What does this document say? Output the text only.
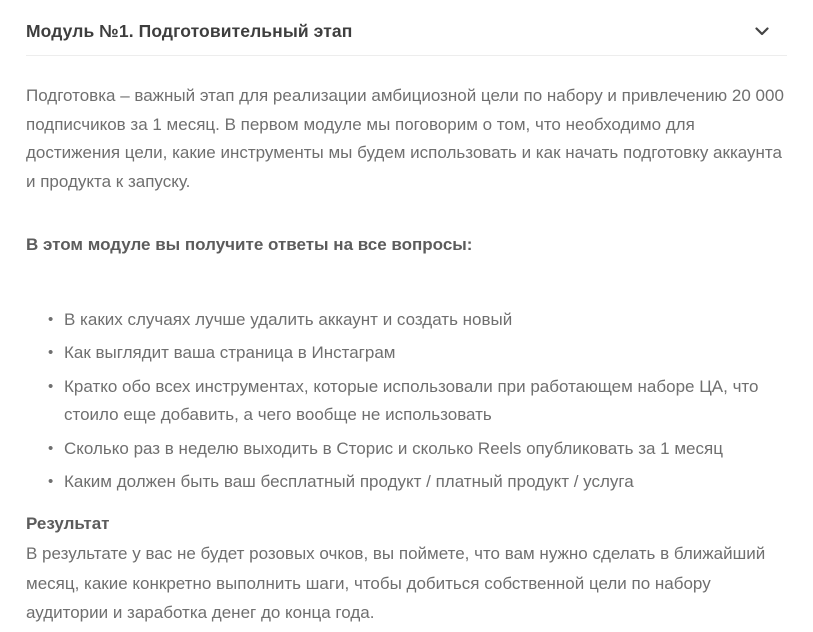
Модуль №1. Подготовительный этап

Подготовка – важный этап для реализации амбициозной цели по набору и привлечению 20 000 подписчиков за 1 месяц. В первом модуле мы поговорим о том, что необходимо для достижения цели, какие инструменты мы будем использовать и как начать подготовку аккаунта и продукта к запуску.

В этом модуле вы получите ответы на все вопросы:

• В каких случаях лучше удалить аккаунт и создать новый
• Как выглядит ваша страница в Инстаграм
• Кратко обо всех инструментах, которые использовали при работающем наборе ЦА, что стоило еще добавить, а чего вообще не использовать
• Сколько раз в неделю выходить в Сторис и сколько Reels опубликовать за 1 месяц
• Каким должен быть ваш бесплатный продукт / платный продукт / услуга

Результат

В результате у вас не будет розовых очков, вы поймете, что вам нужно сделать в ближайший месяц, какие конкретно выполнить шаги, чтобы добиться собственной цели по набору аудитории и заработка денег до конца года.
